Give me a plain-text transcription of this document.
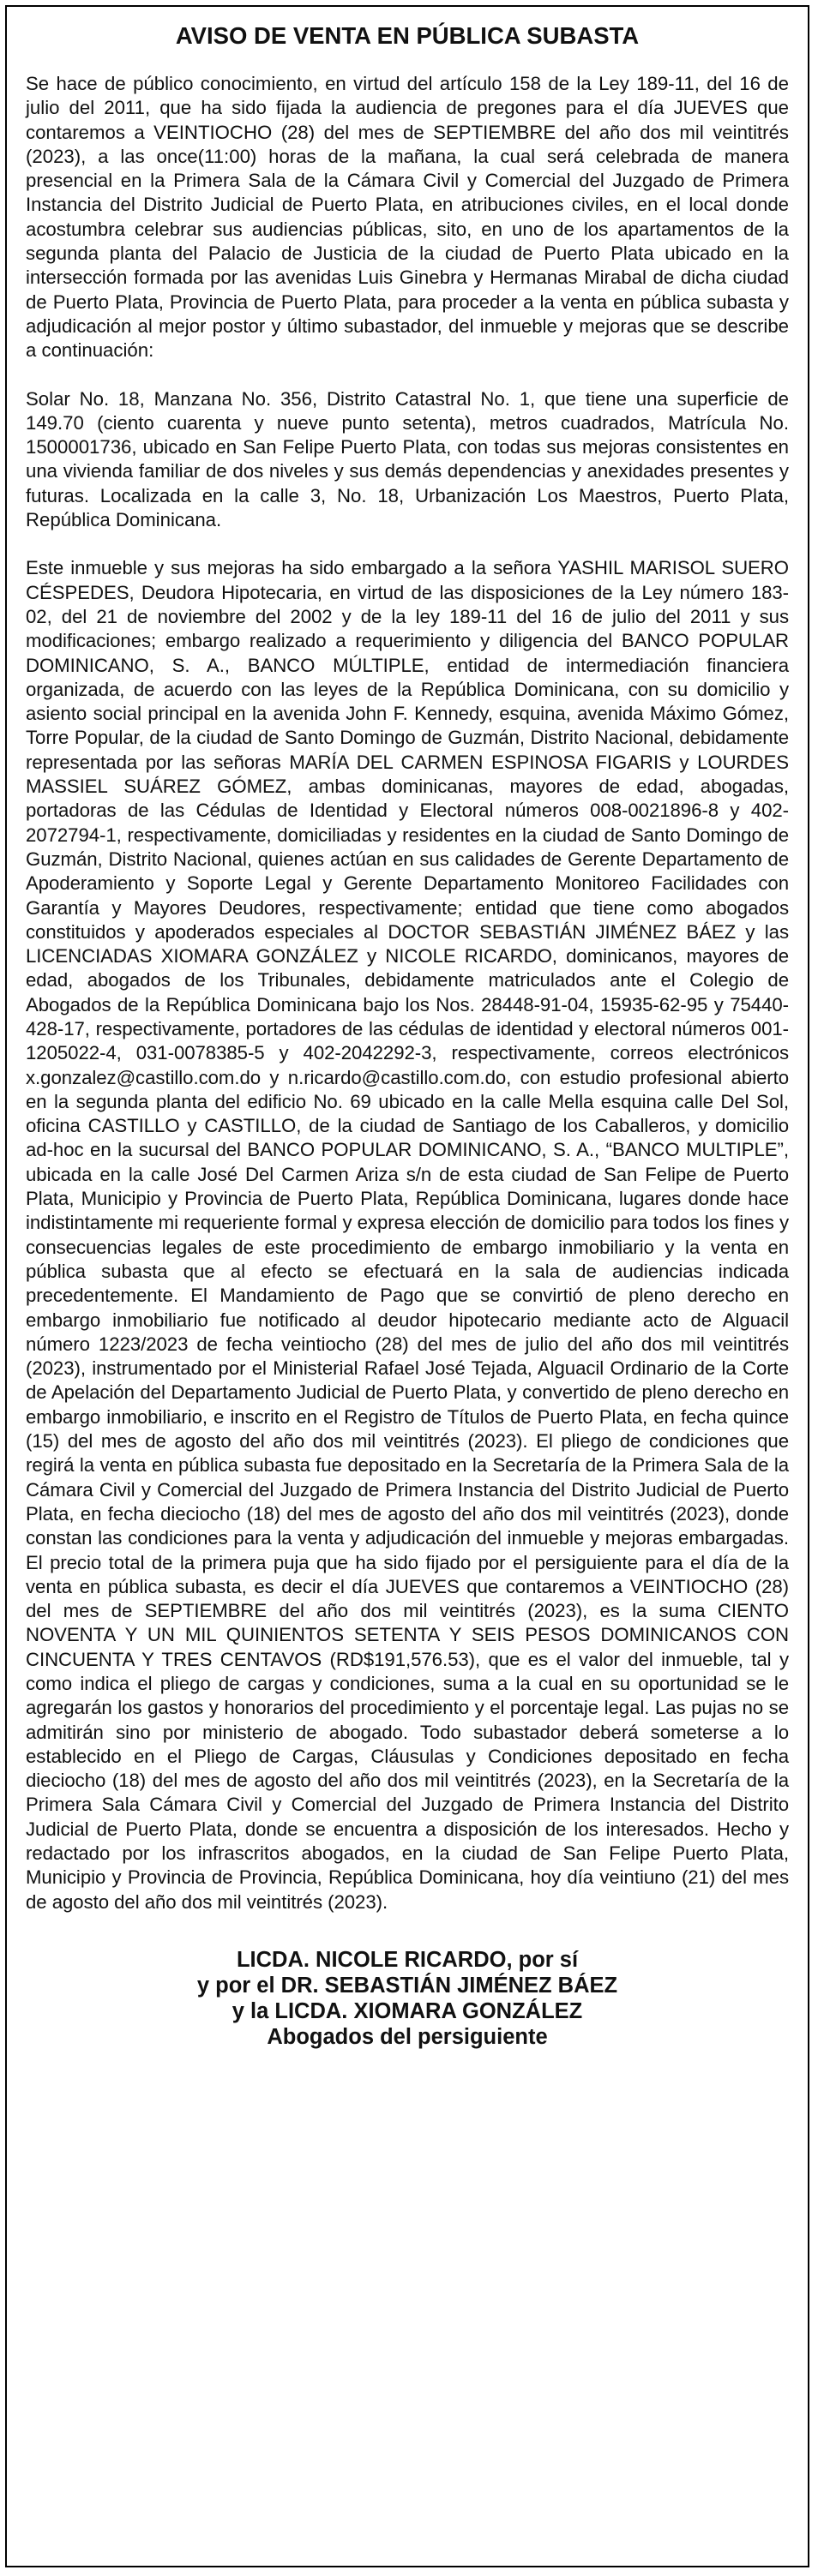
AVISO DE VENTA EN PÚBLICA SUBASTA

Se hace de público conocimiento, en virtud del artículo 158 de la Ley 189-11, del 16 de julio del 2011, que ha sido fijada la audiencia de pregones para el día JUEVES que contaremos a VEINTIOCHO (28) del mes de SEPTIEMBRE del año dos mil veintitrés (2023), a las once(11:00) horas de la mañana, la cual será celebrada de manera presencial en la Primera Sala de la Cámara Civil y Comercial del Juzgado de Primera Instancia del Distrito Judicial de Puerto Plata, en atribuciones civiles, en el local donde acostumbra celebrar sus audiencias públicas, sito, en uno de los apartamentos de la segunda planta del Palacio de Justicia de la ciudad de Puerto Plata ubicado en la intersección formada por las avenidas Luis Ginebra y Hermanas Mirabal de dicha ciudad de Puerto Plata, Provincia de Puerto Plata, para proceder a la venta en pública subasta y adjudicación al mejor postor y último subastador, del inmueble y mejoras que se describe a continuación:

Solar No. 18, Manzana No. 356, Distrito Catastral No. 1, que tiene una superficie de 149.70 (ciento cuarenta y nueve punto setenta), metros cuadrados, Matrícula No. 1500001736, ubicado en San Felipe Puerto Plata, con todas sus mejoras consistentes en una vivienda familiar de dos niveles y sus demás dependencias y anexidades presentes y futuras. Localizada en la calle 3, No. 18, Urbanización Los Maestros, Puerto Plata, República Dominicana.

Este inmueble y sus mejoras ha sido embargado a la señora YASHIL MARISOL SUERO CÉSPEDES, Deudora Hipotecaria, en virtud de las disposiciones de la Ley número 183-02, del 21 de noviembre del 2002 y de la ley 189-11 del 16 de julio del 2011 y sus modificaciones; embargo realizado a requerimiento y diligencia del BANCO POPULAR DOMINICANO, S. A., BANCO MÚLTIPLE, entidad de intermediación financiera organizada, de acuerdo con las leyes de la República Dominicana, con su domicilio y asiento social principal en la avenida John F. Kennedy, esquina, avenida Máximo Gómez, Torre Popular, de la ciudad de Santo Domingo de Guzmán, Distrito Nacional, debidamente representada por las señoras MARÍA DEL CARMEN ESPINOSA FIGARIS y LOURDES MASSIEL SUÁREZ GÓMEZ, ambas dominicanas, mayores de edad, abogadas, portadoras de las Cédulas de Identidad y Electoral números 008-0021896-8 y 402-2072794-1, respectivamente, domiciliadas y residentes en la ciudad de Santo Domingo de Guzmán, Distrito Nacional, quienes actúan en sus calidades de Gerente Departamento de Apoderamiento y Soporte Legal y Gerente Departamento Monitoreo Facilidades con Garantía y Mayores Deudores, respectivamente; entidad que tiene como abogados constituidos y apoderados especiales al DOCTOR SEBASTIÁN JIMÉNEZ BÁEZ y las LICENCIADAS XIOMARA GONZÁLEZ y NICOLE RICARDO, dominicanos, mayores de edad, abogados de los Tribunales, debidamente matriculados ante el Colegio de Abogados de la República Dominicana bajo los Nos. 28448-91-04, 15935-62-95 y 75440-428-17, respectivamente, portadores de las cédulas de identidad y electoral números 001-1205022-4, 031-0078385-5 y 402-2042292-3, respectivamente, correos electrónicos x.gonzalez@castillo.com.do y n.ricardo@castillo.com.do, con estudio profesional abierto en la segunda planta del edificio No. 69 ubicado en la calle Mella esquina calle Del Sol, oficina CASTILLO y CASTILLO, de la ciudad de Santiago de los Caballeros, y domicilio ad-hoc en la sucursal del BANCO POPULAR DOMINICANO, S. A., “BANCO MULTIPLE”, ubicada en la calle José Del Carmen Ariza s/n de esta ciudad de San Felipe de Puerto Plata, Municipio y Provincia de Puerto Plata, República Dominicana, lugares donde hace indistintamente mi requeriente formal y expresa elección de domicilio para todos los fines y consecuencias legales de este procedimiento de embargo inmobiliario y la venta en pública subasta que al efecto se efectuará en la sala de audiencias indicada precedentemente. El Mandamiento de Pago que se convirtió de pleno derecho en embargo inmobiliario fue notificado al deudor hipotecario mediante acto de Alguacil número 1223/2023 de fecha veintiocho (28) del mes de julio del año dos mil veintitrés (2023), instrumentado por el Ministerial Rafael José Tejada, Alguacil Ordinario de la Corte de Apelación del Departamento Judicial de Puerto Plata, y convertido de pleno derecho en embargo inmobiliario, e inscrito en el Registro de Títulos de Puerto Plata, en fecha quince (15) del mes de agosto del año dos mil veintitrés (2023). El pliego de condiciones que regirá la venta en pública subasta fue depositado en la Secretaría de la Primera Sala de la Cámara Civil y Comercial del Juzgado de Primera Instancia del Distrito Judicial de Puerto Plata, en fecha dieciocho (18) del mes de agosto del año dos mil veintitrés (2023), donde constan las condiciones para la venta y adjudicación del inmueble y mejoras embargadas. El precio total de la primera puja que ha sido fijado por el persiguiente para el día de la venta en pública subasta, es decir el día JUEVES que contaremos a VEINTIOCHO (28) del mes de SEPTIEMBRE del año dos mil veintitrés (2023), es la suma CIENTO NOVENTA Y UN MIL QUINIENTOS SETENTA Y SEIS PESOS DOMINICANOS CON CINCUENTA Y TRES CENTAVOS (RD$191,576.53), que es el valor del inmueble, tal y como indica el pliego de cargas y condiciones, suma a la cual en su oportunidad se le agregarán los gastos y honorarios del procedimiento y el porcentaje legal. Las pujas no se admitirán sino por ministerio de abogado. Todo subastador deberá someterse a lo establecido en el Pliego de Cargas, Cláusulas y Condiciones depositado en fecha dieciocho (18) del mes de agosto del año dos mil veintitrés (2023), en la Secretaría de la Primera Sala Cámara Civil y Comercial del Juzgado de Primera Instancia del Distrito Judicial de Puerto Plata, donde se encuentra a disposición de los interesados. Hecho y redactado por los infrascritos abogados, en la ciudad de San Felipe Puerto Plata, Municipio y Provincia de Provincia, República Dominicana, hoy día veintiuno (21) del mes de agosto del año dos mil veintitrés (2023).

LICDA. NICOLE RICARDO, por sí
y por el DR. SEBASTIÁN JIMÉNEZ BÁEZ
y la LICDA. XIOMARA GONZÁLEZ
Abogados del persiguiente
